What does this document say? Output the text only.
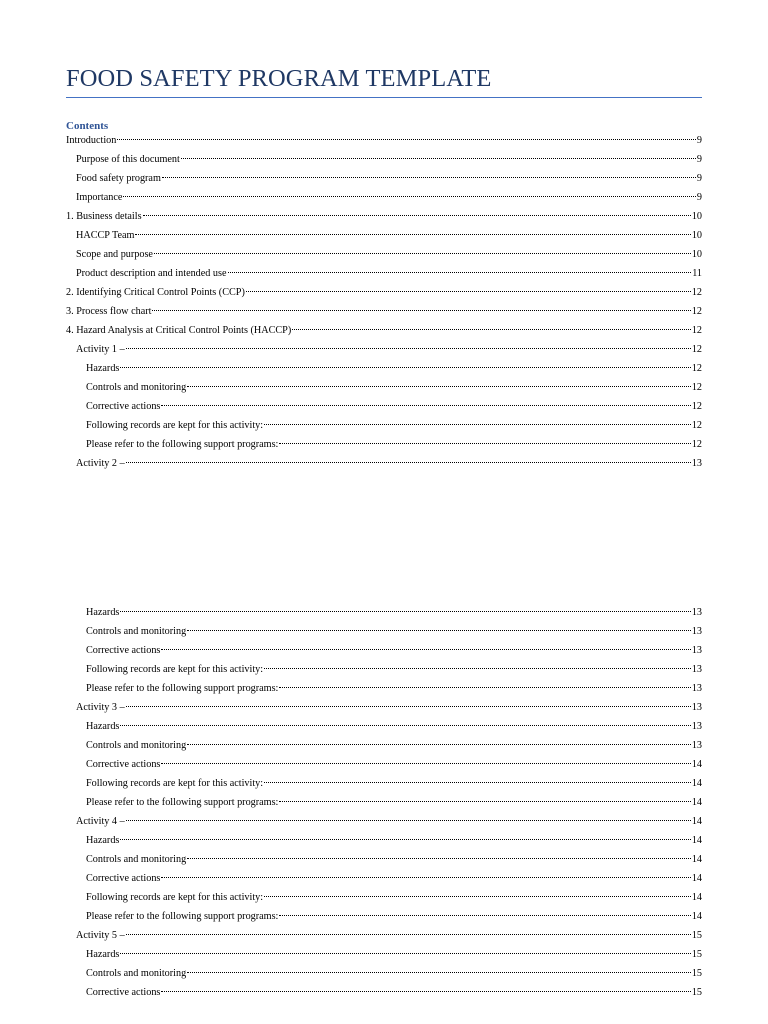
FOOD SAFETY PROGRAM TEMPLATE
Contents
Introduction	9
Purpose of this document	9
Food safety program	9
Importance	9
1. Business details	10
HACCP Team	10
Scope and purpose	10
Product description and intended use	11
2. Identifying Critical Control Points (CCP)	12
3. Process flow chart	12
4. Hazard Analysis at Critical Control Points (HACCP)	12
Activity 1 –	12
Hazards	12
Controls and monitoring	12
Corrective actions	12
Following records are kept for this activity:	12
Please refer to the following support programs:	12
Activity 2 –	13
Hazards	13
Controls and monitoring	13
Corrective actions	13
Following records are kept for this activity:	13
Please refer to the following support programs:	13
Activity 3 –	13
Hazards	13
Controls and monitoring	13
Corrective actions	14
Following records are kept for this activity:	14
Please refer to the following support programs:	14
Activity 4 –	14
Hazards	14
Controls and monitoring	14
Corrective actions	14
Following records are kept for this activity:	14
Please refer to the following support programs:	14
Activity 5 –	15
Hazards	15
Controls and monitoring	15
Corrective actions	15
